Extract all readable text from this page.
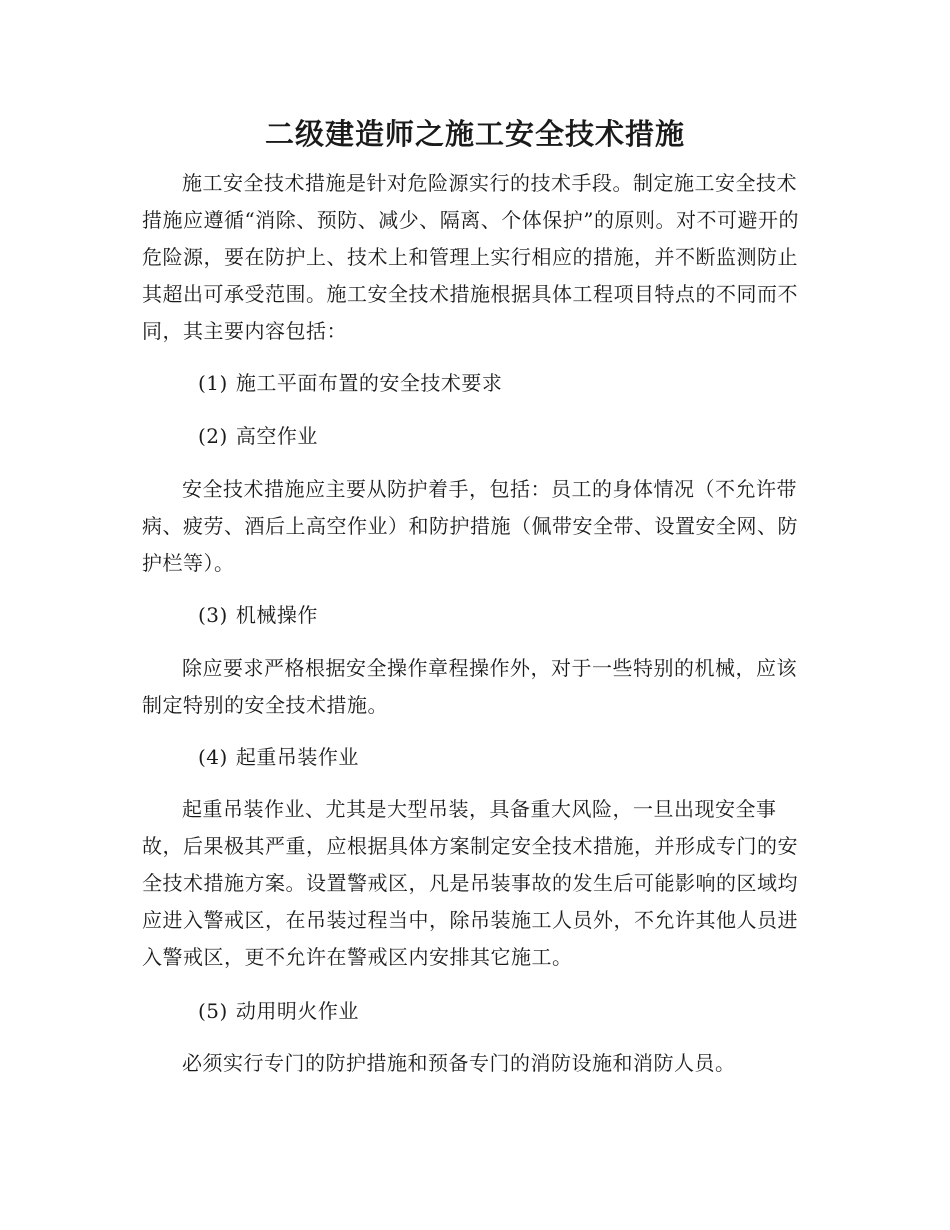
二级建造师之施工安全技术措施

施工安全技术措施是针对危险源实行的技术手段。制定施工安全技术措施应遵循“消除、预防、减少、隔离、个体保护”的原则。对不可避开的危险源，要在防护上、技术上和管理上实行相应的措施，并不断监测防止其超出可承受范围。施工安全技术措施根据具体工程项目特点的不同而不同，其主要内容包括：

(1) 施工平面布置的安全技术要求

(2) 高空作业

安全技术措施应主要从防护着手，包括：员工的身体情况（不允许带病、疲劳、酒后上高空作业）和防护措施（佩带安全带、设置安全网、防护栏等）。

(3) 机械操作

除应要求严格根据安全操作章程操作外，对于一些特别的机械，应该制定特别的安全技术措施。

(4) 起重吊装作业

起重吊装作业、尤其是大型吊装，具备重大风险，一旦出现安全事故，后果极其严重，应根据具体方案制定安全技术措施，并形成专门的安全技术措施方案。设置警戒区，凡是吊装事故的发生后可能影响的区域均应进入警戒区，在吊装过程当中，除吊装施工人员外，不允许其他人员进入警戒区，更不允许在警戒区内安排其它施工。

(5) 动用明火作业

必须实行专门的防护措施和预备专门的消防设施和消防人员。
